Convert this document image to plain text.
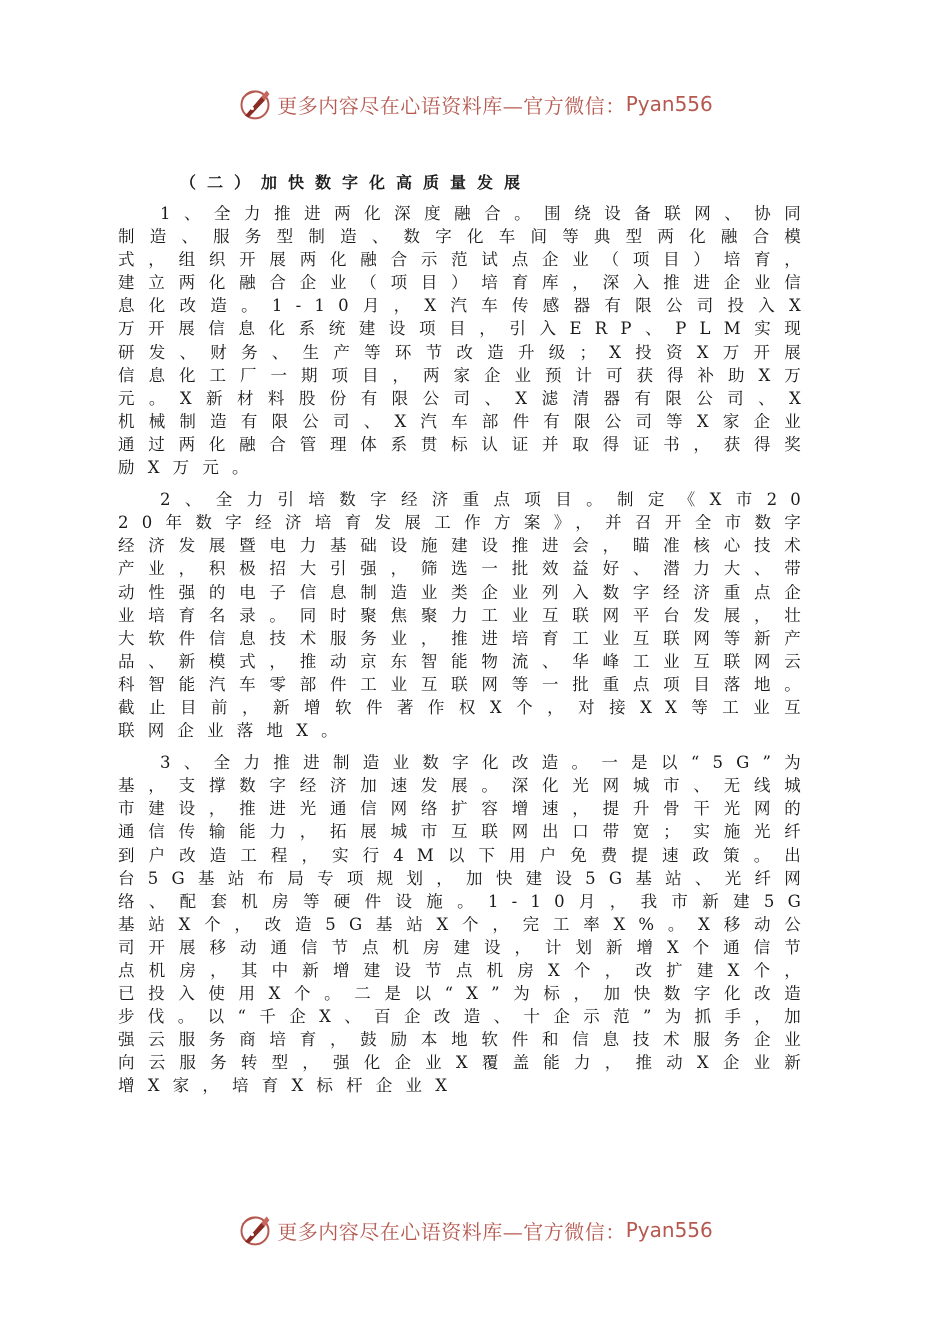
更多内容尽在心语资料库—官方微信： Pyan556
（二）加快数字化高质量发展

1、全力推进两化深度融合。围绕设备联网、协同制造、服务型制造、数字化车间等典型两化融合模式，组织开展两化融合示范试点企业（项目）培育，建立两化融合企业（项目）培育库，深入推进企业信息化改造。1-10月，X汽车传感器有限公司投入X万开展信息化系统建设项目，引入ERP、PLM实现研发、财务、生产等环节改造升级；X投资X万开展信息化工厂一期项目，两家企业预计可获得补助X万元。X新材料股份有限公司、X滤清器有限公司、X机械制造有限公司、X汽车部件有限公司等X家企业通过两化融合管理体系贯标认证并取得证书，获得奖励X万元。

2、全力引培数字经济重点项目。制定《X市2020年数字经济培育发展工作方案》，并召开全市数字经济发展暨电力基础设施建设推进会，瞄准核心技术产业，积极招大引强，筛选一批效益好、潜力大、带动性强的电子信息制造业类企业列入数字经济重点企业培育名录。同时聚焦聚力工业互联网平台发展，壮大软件信息技术服务业，推进培育工业互联网等新产品、新模式，推动京东智能物流、华峰工业互联网云科智能汽车零部件工业互联网等一批重点项目落地。截止目前，新增软件著作权X个，对接XX等工业互联网企业落地X。

3、全力推进制造业数字化改造。一是以“5G”为基，支撑数字经济加速发展。深化光网城市、无线城市建设，推进光通信网络扩容增速，提升骨干光网的通信传输能力，拓展城市互联网出口带宽；实施光纤到户改造工程，实行4M以下用户免费提速政策。出台5G基站布局专项规划，加快建设5G基站、光纤网络、配套机房等硬件设施。1-10月，我市新建5G基站X个，改造5G基站X个，完工率X%。X移动公司开展移动通信节点机房建设，计划新增X个通信节点机房，其中新增建设节点机房X个，改扩建X个，已投入使用X个。二是以“X”为标，加快数字化改造步伐。以“千企X、百企改造、十企示范”为抓手，加强云服务商培育，鼓励本地软件和信息技术服务企业向云服务转型，强化企业X覆盖能力，推动X企业新增X家，培育X标杆企业X

更多内容尽在心语资料库—官方微信： Pyan556
